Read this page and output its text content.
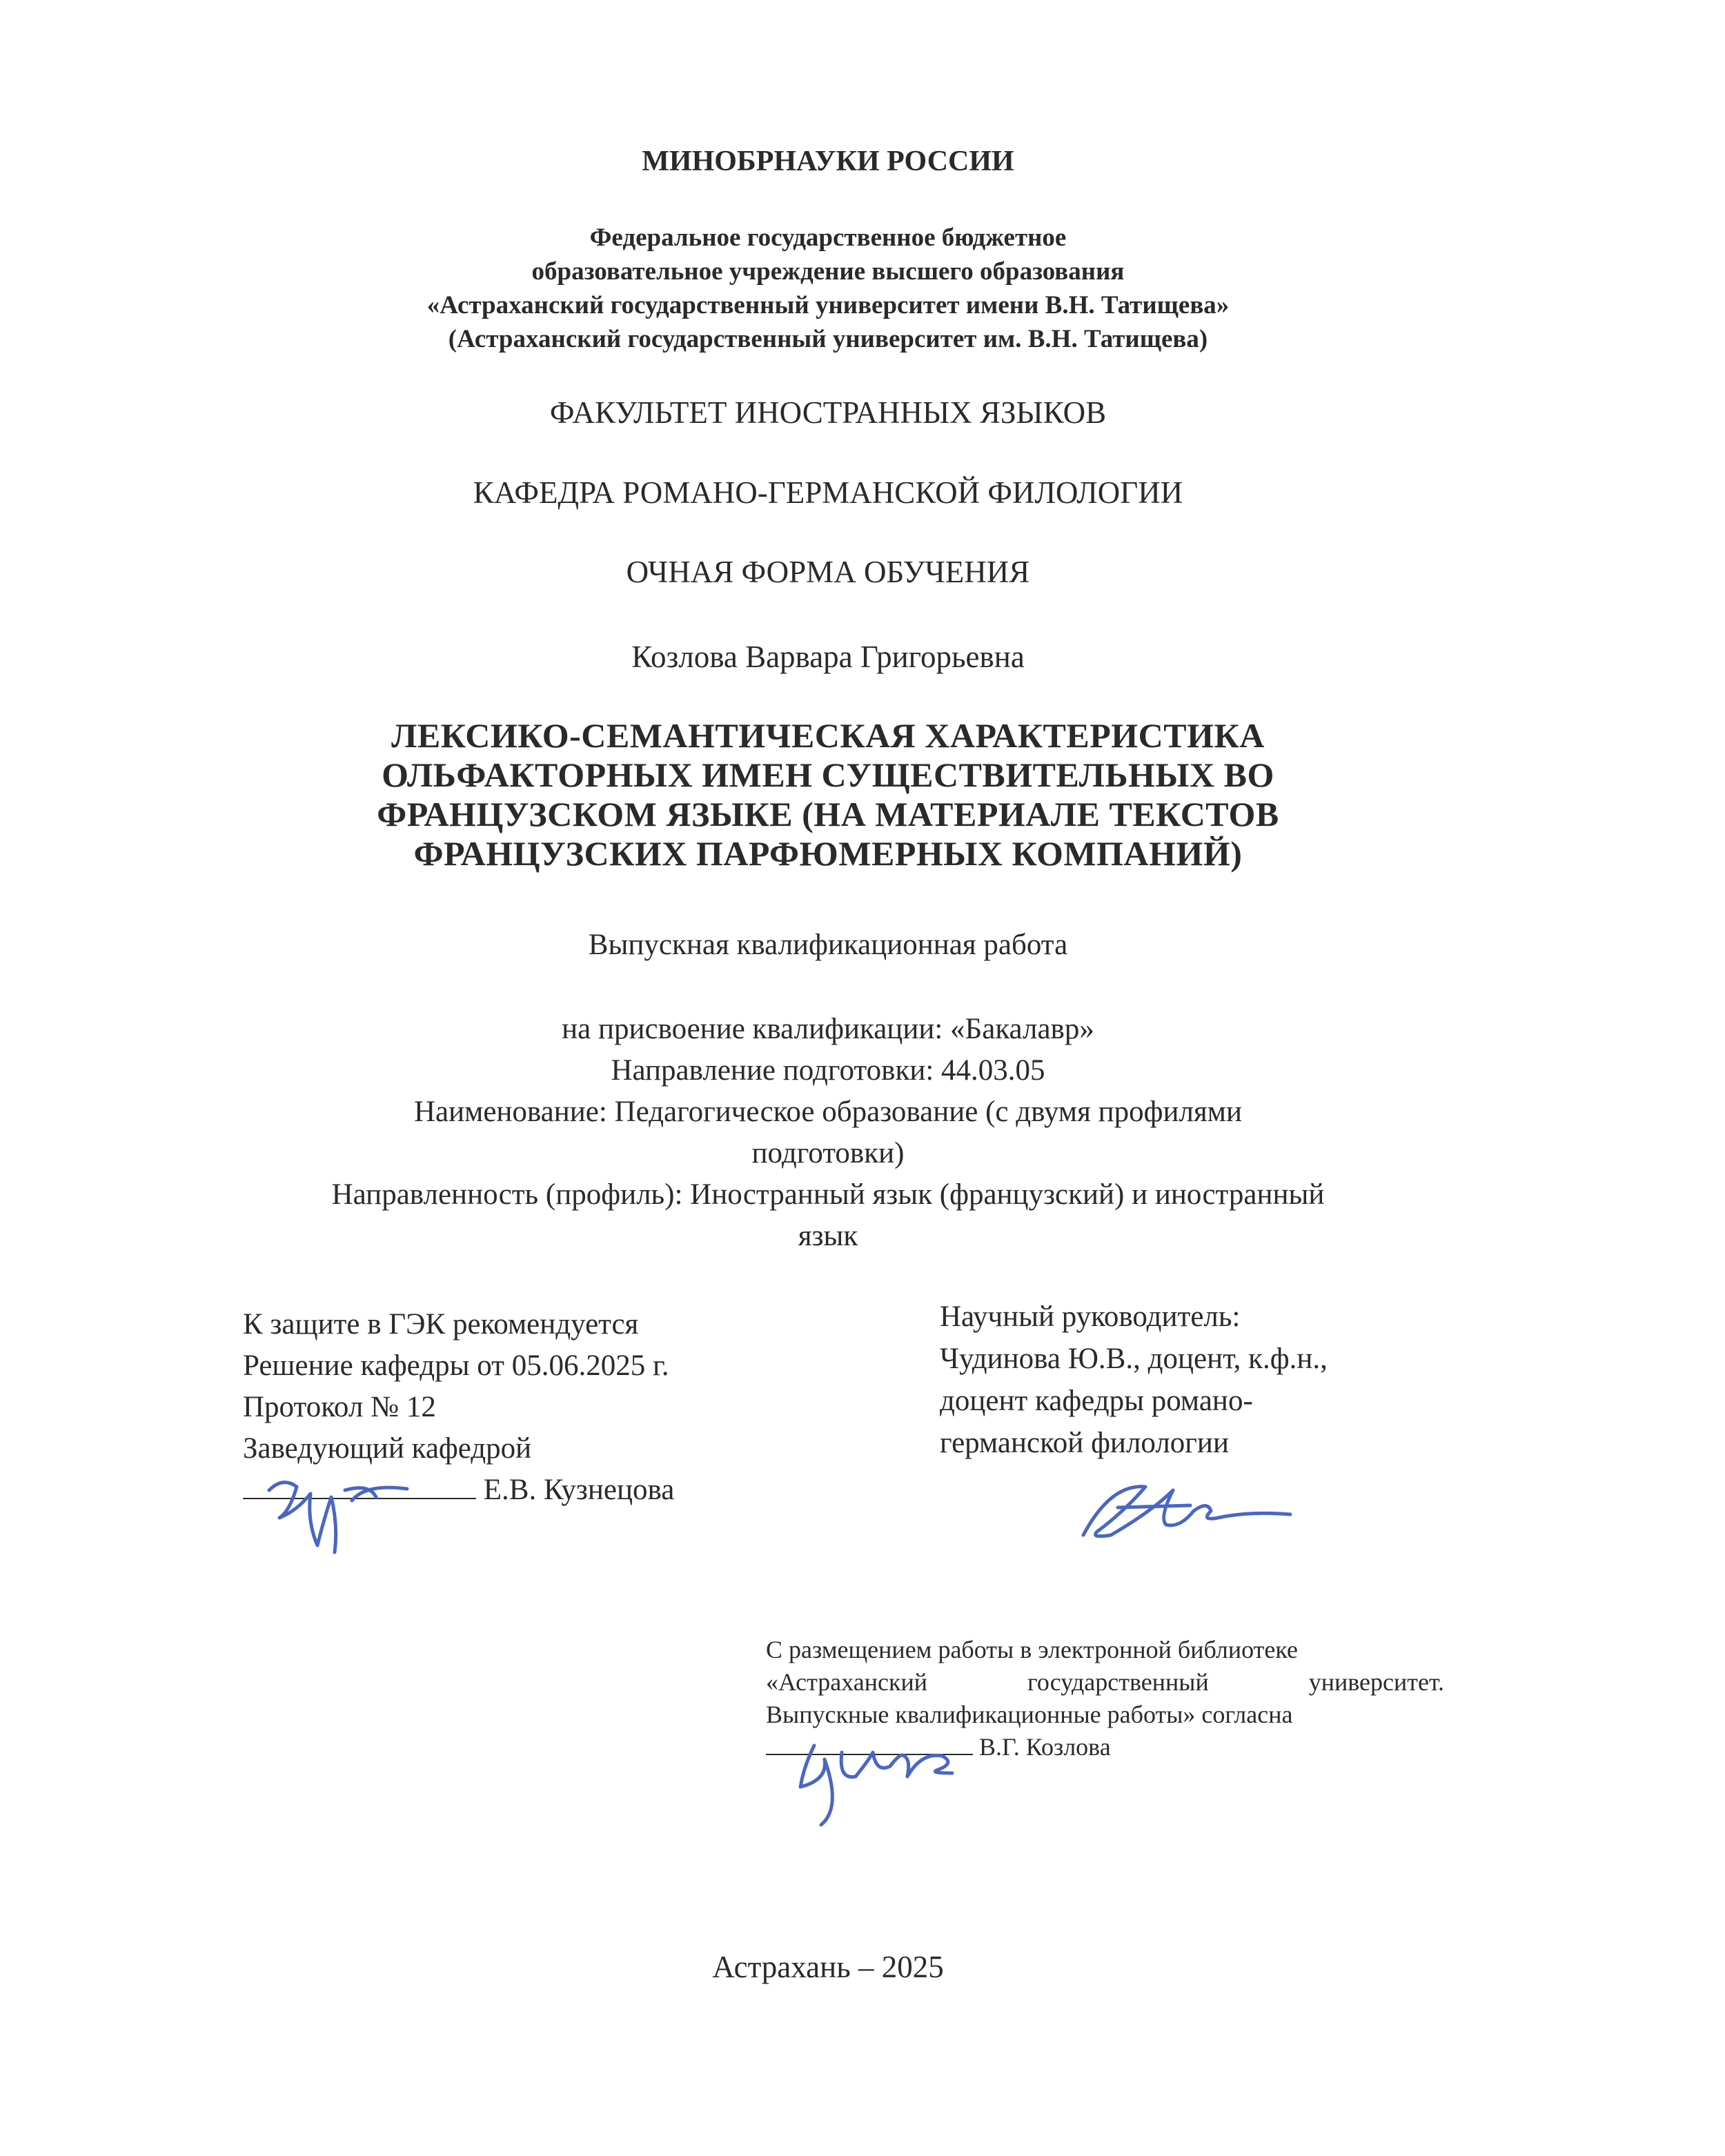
МИНОБРНАУКИ РОССИИ

Федеральное государственное бюджетное
образовательное учреждение высшего образования
«Астраханский государственный университет имени В.Н. Татищева»
(Астраханский государственный университет им. В.Н. Татищева)

ФАКУЛЬТЕТ ИНОСТРАННЫХ ЯЗЫКОВ

КАФЕДРА РОМАНО-ГЕРМАНСКОЙ ФИЛОЛОГИИ

ОЧНАЯ ФОРМА ОБУЧЕНИЯ

Козлова Варвара Григорьевна

ЛЕКСИКО-СЕМАНТИЧЕСКАЯ ХАРАКТЕРИСТИКА
ОЛЬФАКТОРНЫХ ИМЕН СУЩЕСТВИТЕЛЬНЫХ ВО
ФРАНЦУЗСКОМ ЯЗЫКЕ (НА МАТЕРИАЛЕ ТЕКСТОВ
ФРАНЦУЗСКИХ ПАРФЮМЕРНЫХ КОМПАНИЙ)

Выпускная квалификационная работа

на присвоение квалификации: «Бакалавр»
Направление подготовки: 44.03.05
Наименование: Педагогическое образование (с двумя профилями
подготовки)
Направленность (профиль): Иностранный язык (французский) и иностранный
язык

К защите в ГЭК рекомендуется
Решение кафедры от 05.06.2025 г.
Протокол № 12
Заведующий кафедрой
Е.В. Кузнецова
Научный руководитель:
Чудинова Ю.В., доцент, к.ф.н.,
доцент кафедры романо-
германской филологии
С размещением работы в электронной библиотеке
«Астраханский	государственный	университет.
Выпускные квалификационные работы» согласна
В.Г. Козлова

Астрахань – 2025
